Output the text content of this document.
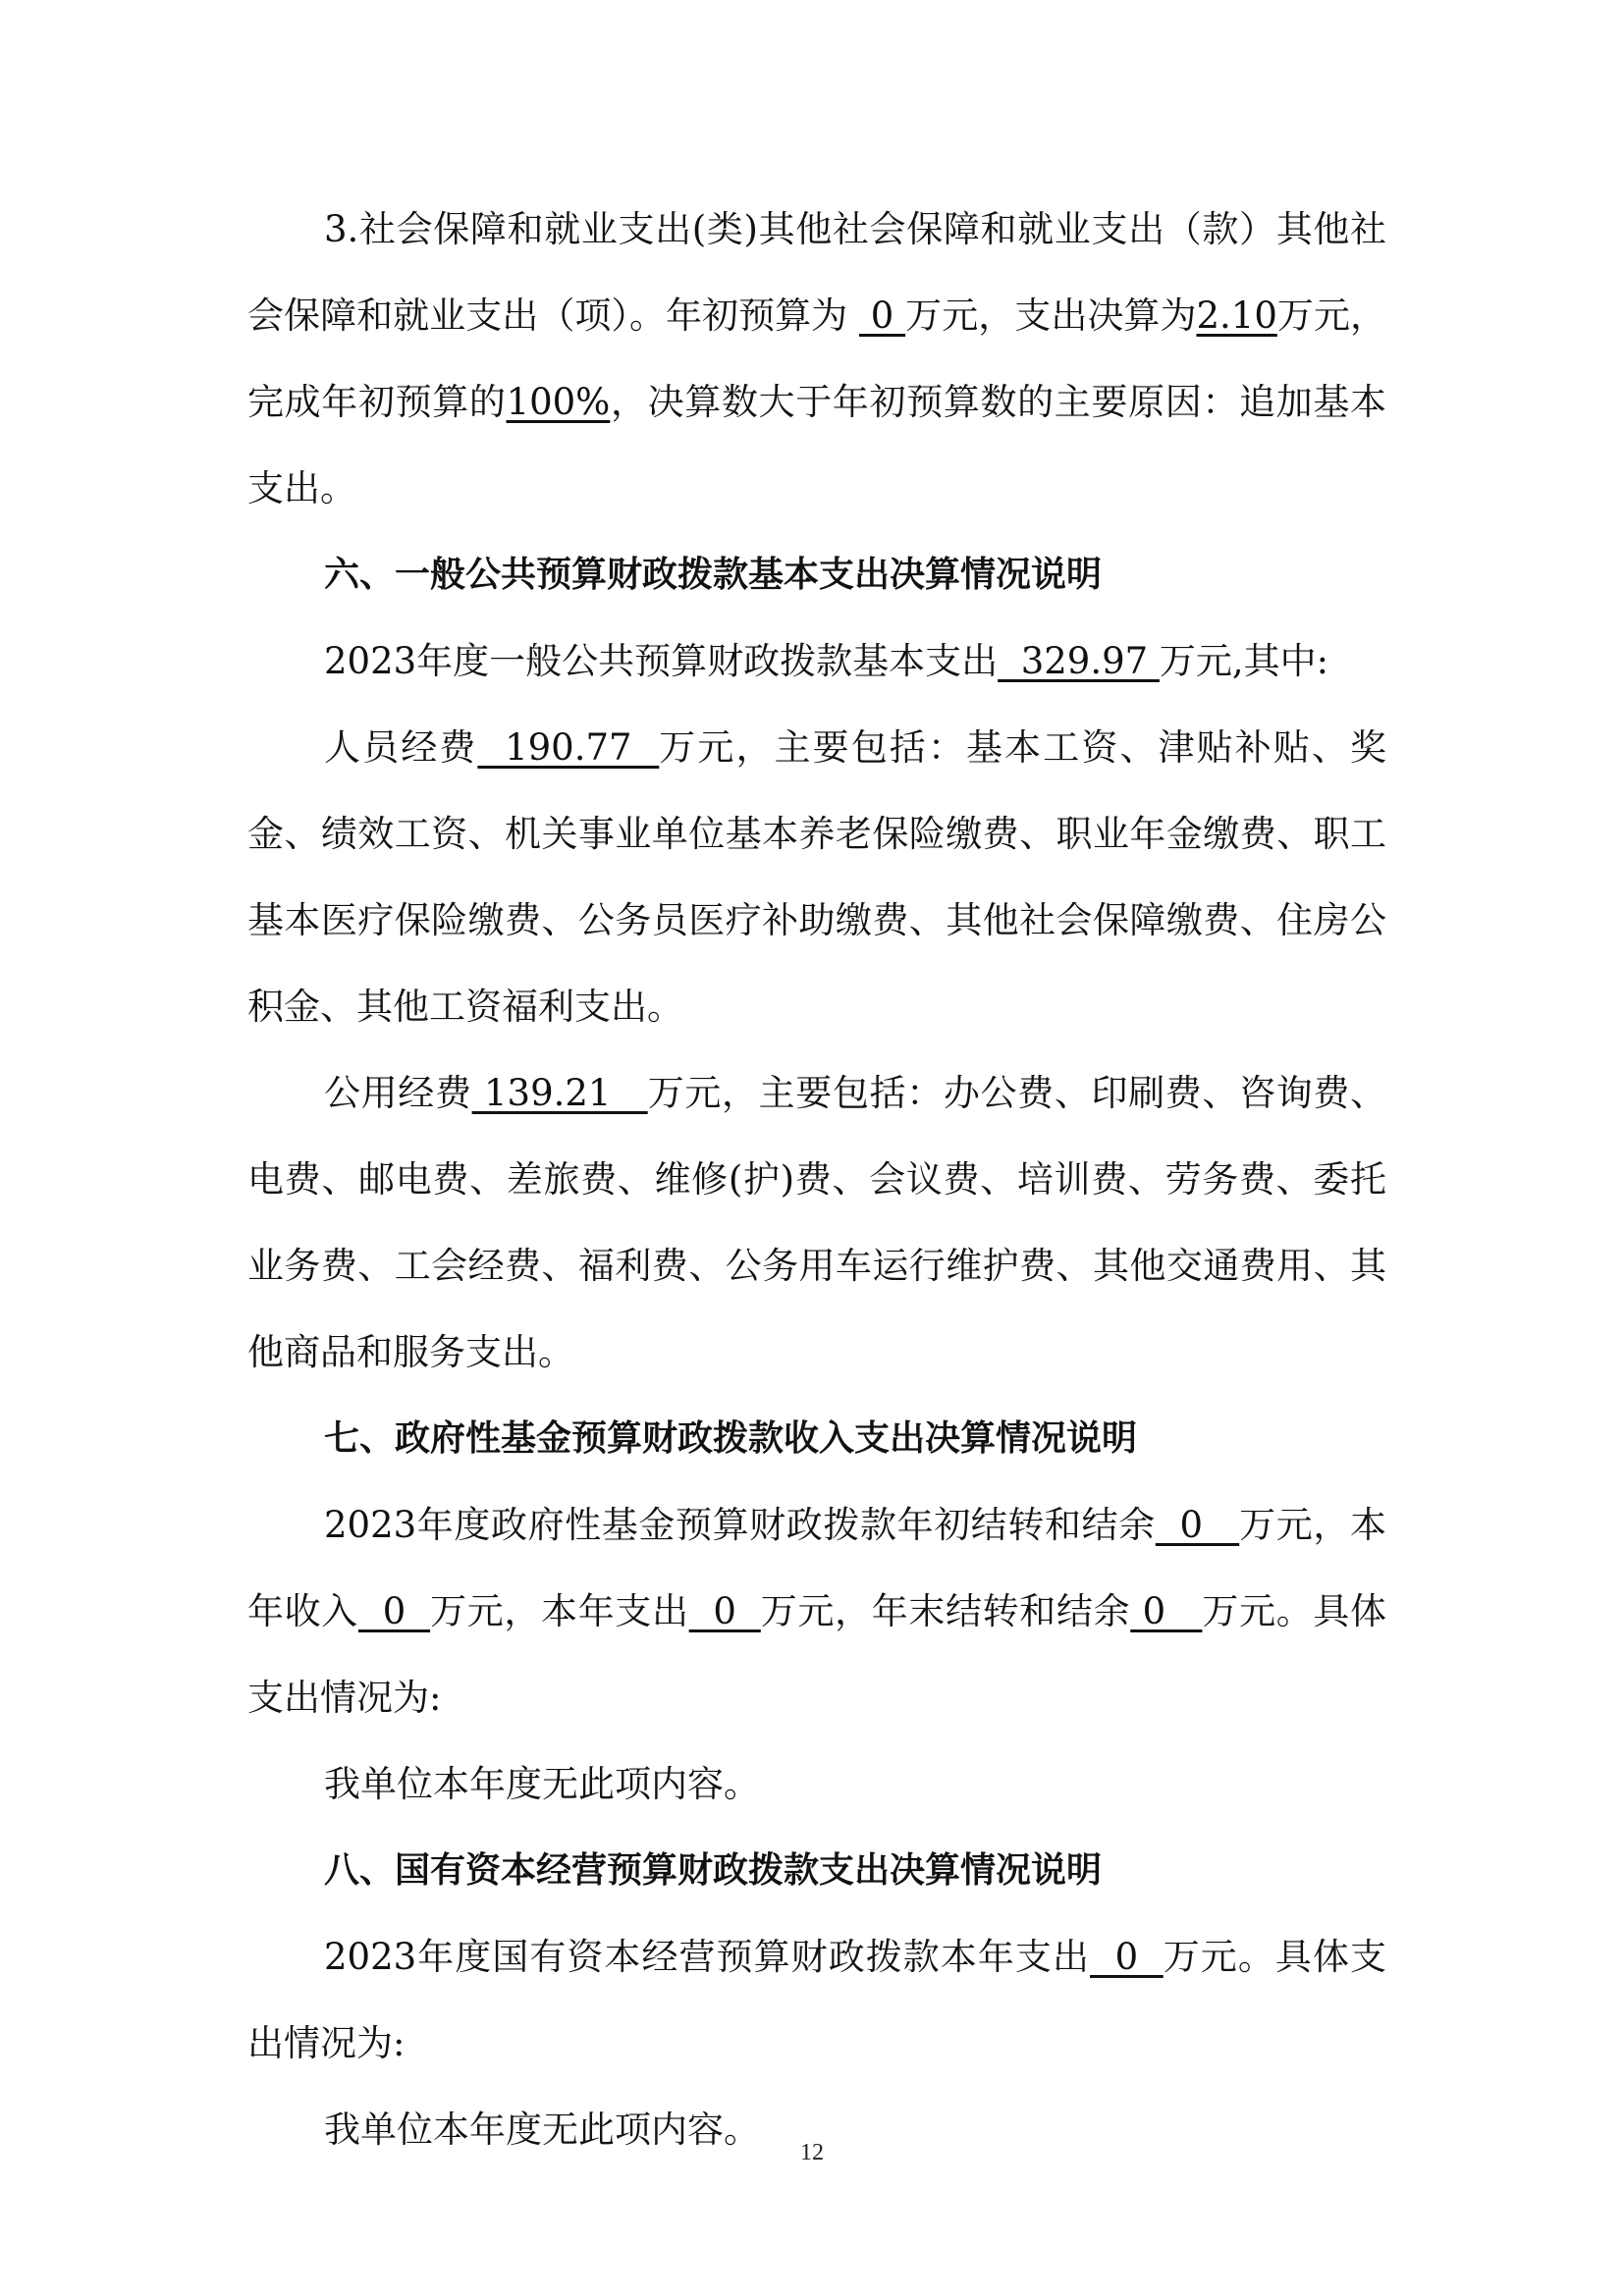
3.社会保障和就业支出(类)其他社会保障和就业支出（款）其他社会保障和就业支出（项）。年初预算为  0 万元，支出决算为2.10万元，完成年初预算的100%，决算数大于年初预算数的主要原因：追加基本支出。

六、一般公共预算财政拨款基本支出决算情况说明

2023年度一般公共预算财政拨款基本支出  329.97 万元,其中:

人员经费  190.77  万元，主要包括：基本工资、津贴补贴、奖金、绩效工资、机关事业单位基本养老保险缴费、职业年金缴费、职工基本医疗保险缴费、公务员医疗补助缴费、其他社会保障缴费、住房公积金、其他工资福利支出。

公用经费 139.21   万元，主要包括：办公费、印刷费、咨询费、电费、邮电费、差旅费、维修(护)费、会议费、培训费、劳务费、委托业务费、工会经费、福利费、公务用车运行维护费、其他交通费用、其他商品和服务支出。

七、政府性基金预算财政拨款收入支出决算情况说明

2023年度政府性基金预算财政拨款年初结转和结余  0   万元，本年收入  0  万元，本年支出  0  万元，年末结转和结余 0   万元。具体支出情况为:

我单位本年度无此项内容。

八、国有资本经营预算财政拨款支出决算情况说明

2023年度国有资本经营预算财政拨款本年支出  0  万元。具体支出情况为:

我单位本年度无此项内容。

12
